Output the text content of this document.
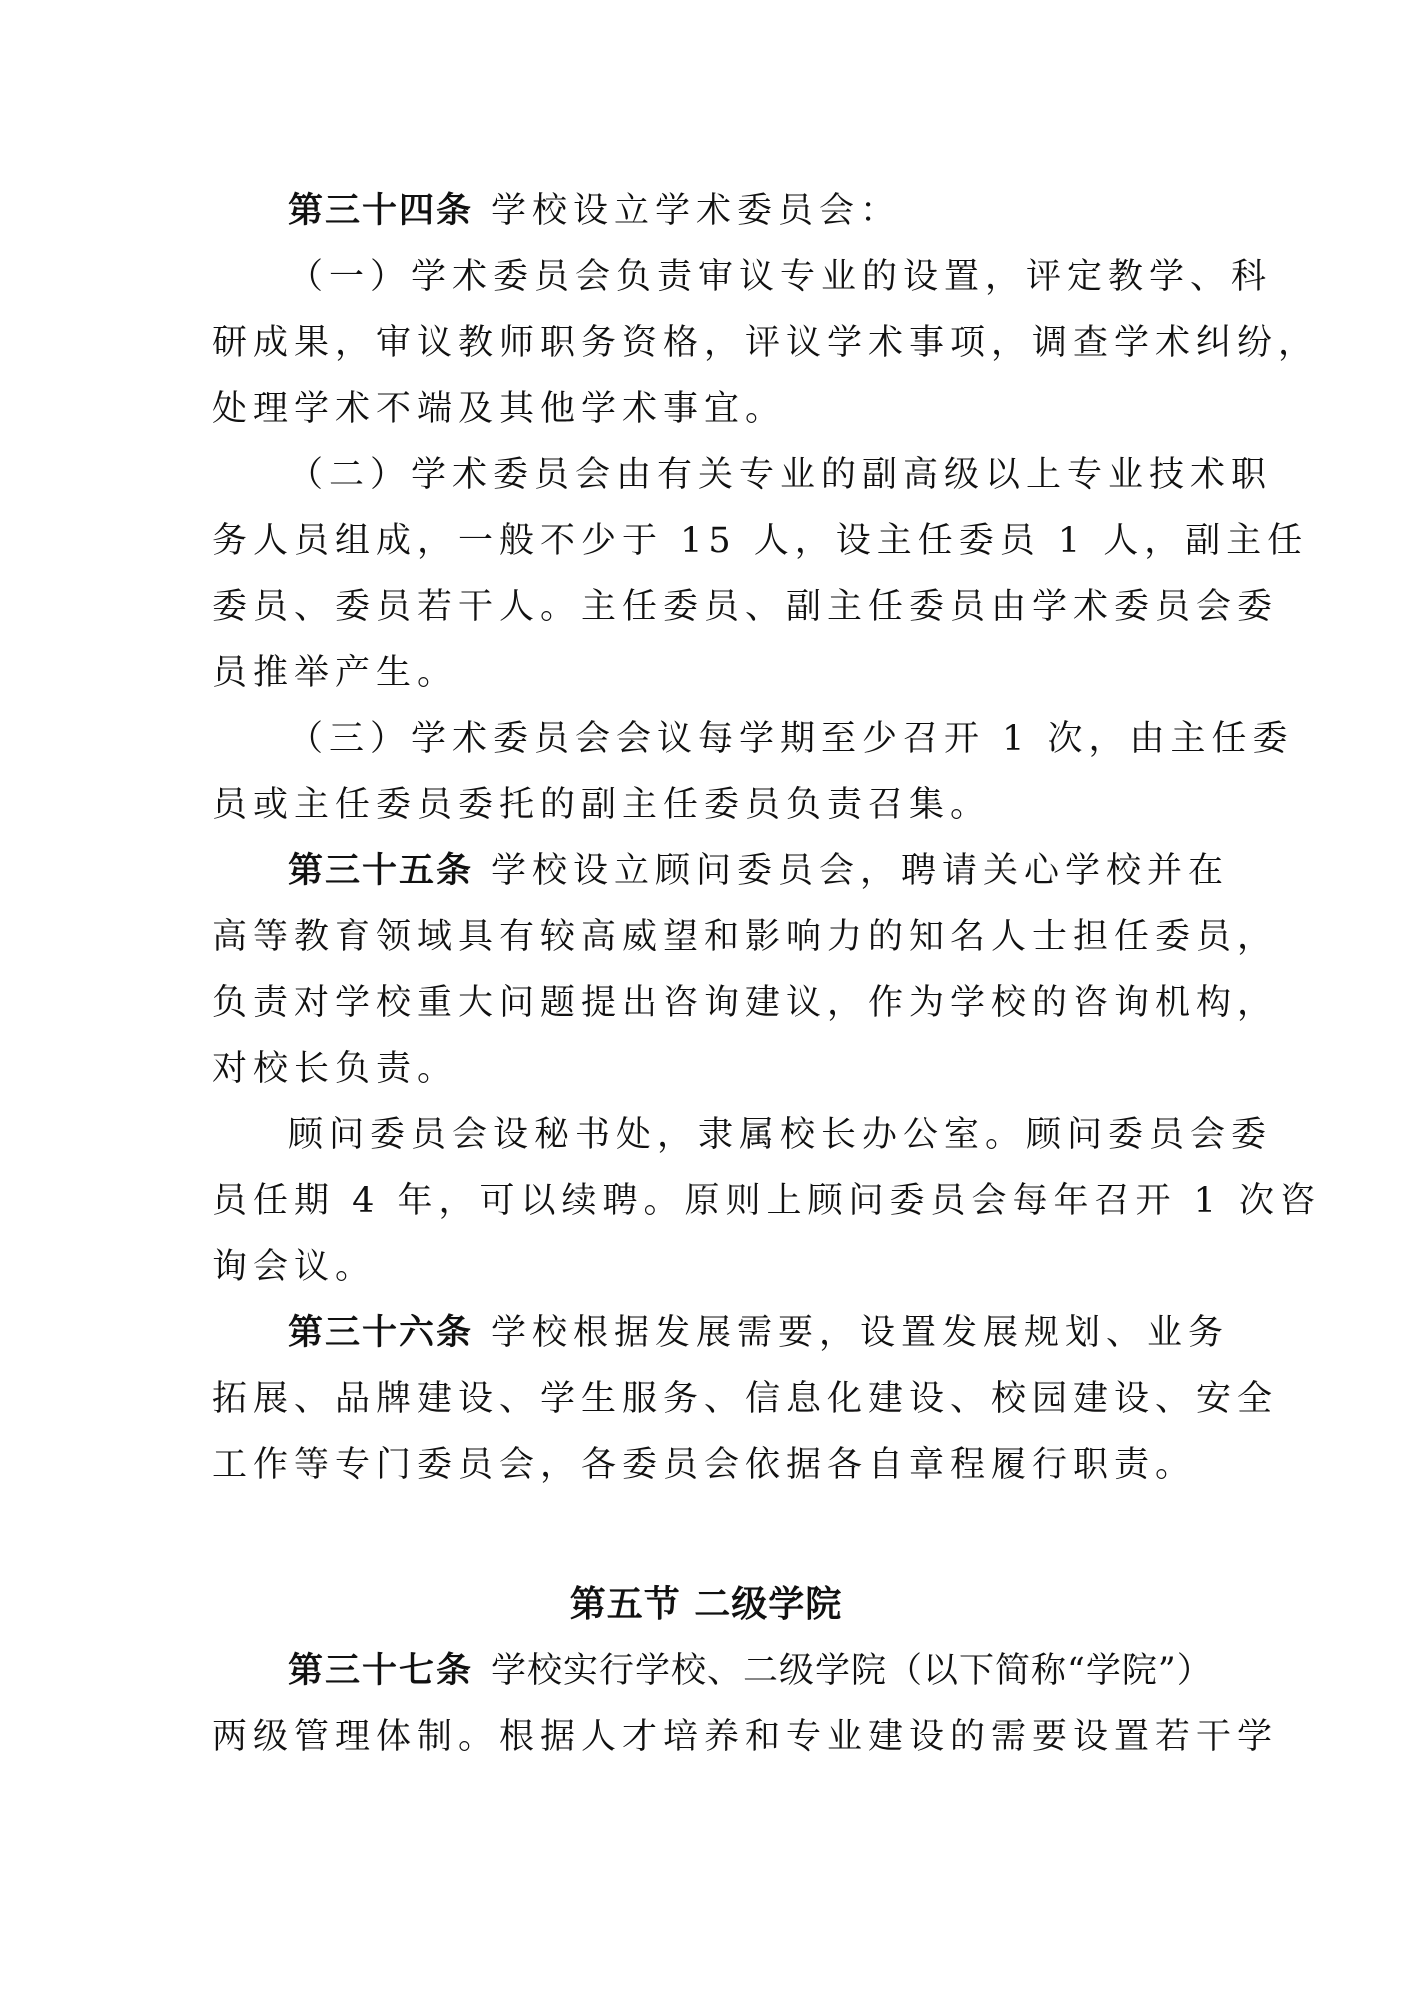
第三十四条 学校设立学术委员会：
（一）学术委员会负责审议专业的设置，评定教学、科
研成果，审议教师职务资格，评议学术事项，调查学术纠纷，
处理学术不端及其他学术事宜。
（二）学术委员会由有关专业的副高级以上专业技术职
务人员组成，一般不少于 15 人，设主任委员 1 人，副主任
委员、委员若干人。主任委员、副主任委员由学术委员会委
员推举产生。
（三）学术委员会会议每学期至少召开 1 次，由主任委
员或主任委员委托的副主任委员负责召集。
第三十五条 学校设立顾问委员会，聘请关心学校并在
高等教育领域具有较高威望和影响力的知名人士担任委员，
负责对学校重大问题提出咨询建议，作为学校的咨询机构，
对校长负责。
顾问委员会设秘书处，隶属校长办公室。顾问委员会委
员任期 4 年，可以续聘。原则上顾问委员会每年召开 1 次咨
询会议。
第三十六条 学校根据发展需要，设置发展规划、业务
拓展、品牌建设、学生服务、信息化建设、校园建设、安全
工作等专门委员会，各委员会依据各自章程履行职责。
第五节 二级学院
第三十七条 学校实行学校、二级学院（以下简称“学院”）
两级管理体制。根据人才培养和专业建设的需要设置若干学
